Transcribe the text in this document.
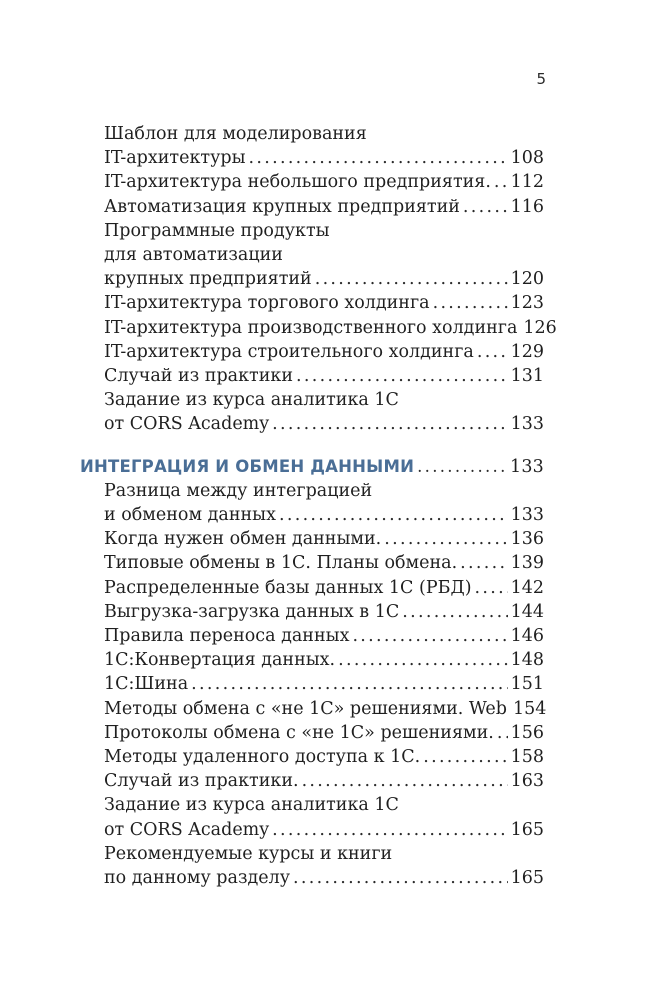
5
Шаблон для моделирования
IT-архитектуры .....	108
IT-архитектура небольшого предприятия. ..... 112
Автоматизация крупных предприятий .....	116
Программные продукты
для автоматизации
крупных предприятий .....	120
IT-архитектура торгового холдинга .....	123
IT-архитектура производственного холдинга 126
IT-архитектура строительного холдинга ..... 129
Случай из практики .....	131
Задание из курса аналитика 1С
от CORS Academy .....	133
ИНТЕГРАЦИЯ И ОБМЕН ДАННЫМИ .....	133
Разница между интеграцией
и обменом данных .....	133
Когда нужен обмен данными. .....	136
Типовые обмены в 1С. Планы обмена. .....	139
Распределенные базы данных 1С (РБД) ..... 142
Выгрузка-загрузка данных в 1С .....	144
Правила переноса данных .....	146
1С:Конвертация данных. .....	148
1С:Шина .....	151
Методы обмена с «не 1С» решениями. Web 154
Протоколы обмена с «не 1С» решениями. ..... 156
Методы удаленного доступа к 1С. .....	158
Случай из практики. .....	163
Задание из курса аналитика 1С
от CORS Academy .....	165
Рекомендуемые курсы и книги
по данному разделу .....	165
